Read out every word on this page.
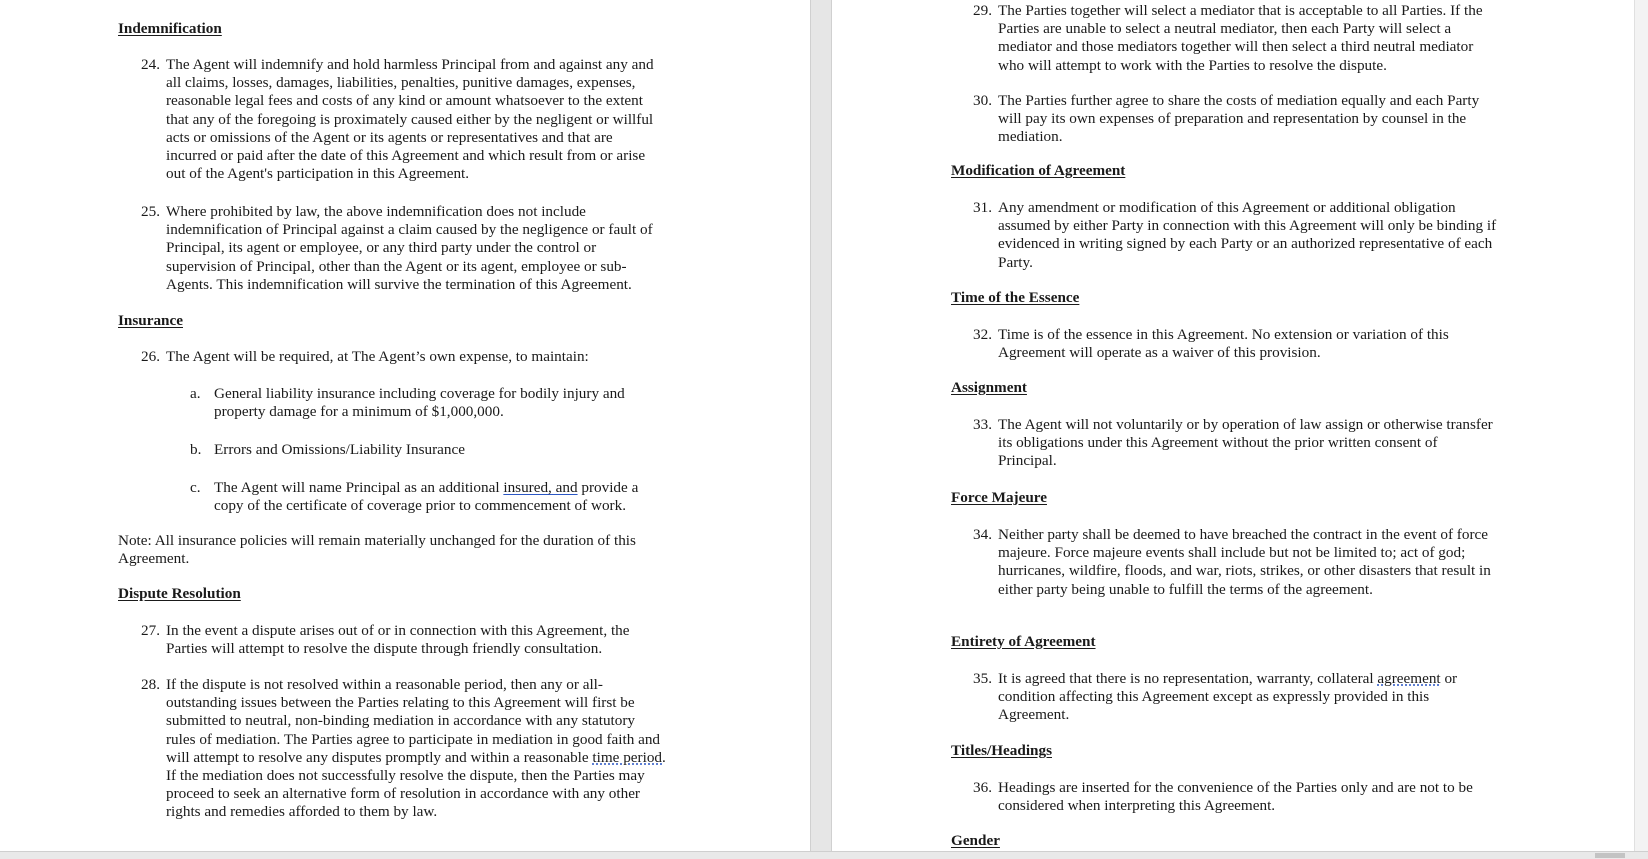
Indemnification
24. The Agent will indemnify and hold harmless Principal from and against any and
all claims, losses, damages, liabilities, penalties, punitive damages, expenses,
reasonable legal fees and costs of any kind or amount whatsoever to the extent
that any of the foregoing is proximately caused either by the negligent or willful
acts or omissions of the Agent or its agents or representatives and that are
incurred or paid after the date of this Agreement and which result from or arise
out of the Agent's participation in this Agreement.
25. Where prohibited by law, the above indemnification does not include
indemnification of Principal against a claim caused by the negligence or fault of
Principal, its agent or employee, or any third party under the control or
supervision of Principal, other than the Agent or its agent, employee or sub-
Agents. This indemnification will survive the termination of this Agreement.
Insurance
26. The Agent will be required, at The Agent’s own expense, to maintain:
a. General liability insurance including coverage for bodily injury and
property damage for a minimum of $1,000,000.
b. Errors and Omissions/Liability Insurance
c. The Agent will name Principal as an additional insured, and provide a
copy of the certificate of coverage prior to commencement of work.
Note: All insurance policies will remain materially unchanged for the duration of this
Agreement.
Dispute Resolution
27. In the event a dispute arises out of or in connection with this Agreement, the
Parties will attempt to resolve the dispute through friendly consultation.
28. If the dispute is not resolved within a reasonable period, then any or all-
outstanding issues between the Parties relating to this Agreement will first be
submitted to neutral, non-binding mediation in accordance with any statutory
rules of mediation. The Parties agree to participate in mediation in good faith and
will attempt to resolve any disputes promptly and within a reasonable time period.
If the mediation does not successfully resolve the dispute, then the Parties may
proceed to seek an alternative form of resolution in accordance with any other
rights and remedies afforded to them by law.
29. The Parties together will select a mediator that is acceptable to all Parties. If the
Parties are unable to select a neutral mediator, then each Party will select a
mediator and those mediators together will then select a third neutral mediator
who will attempt to work with the Parties to resolve the dispute.
30. The Parties further agree to share the costs of mediation equally and each Party
will pay its own expenses of preparation and representation by counsel in the
mediation.
Modification of Agreement
31. Any amendment or modification of this Agreement or additional obligation
assumed by either Party in connection with this Agreement will only be binding if
evidenced in writing signed by each Party or an authorized representative of each
Party.
Time of the Essence
32. Time is of the essence in this Agreement. No extension or variation of this
Agreement will operate as a waiver of this provision.
Assignment
33. The Agent will not voluntarily or by operation of law assign or otherwise transfer
its obligations under this Agreement without the prior written consent of
Principal.
Force Majeure
34. Neither party shall be deemed to have breached the contract in the event of force
majeure. Force majeure events shall include but not be limited to; act of god;
hurricanes, wildfire, floods, and war, riots, strikes, or other disasters that result in
either party being unable to fulfill the terms of the agreement.
Entirety of Agreement
35. It is agreed that there is no representation, warranty, collateral agreement or
condition affecting this Agreement except as expressly provided in this
Agreement.
Titles/Headings
36. Headings are inserted for the convenience of the Parties only and are not to be
considered when interpreting this Agreement.
Gender
